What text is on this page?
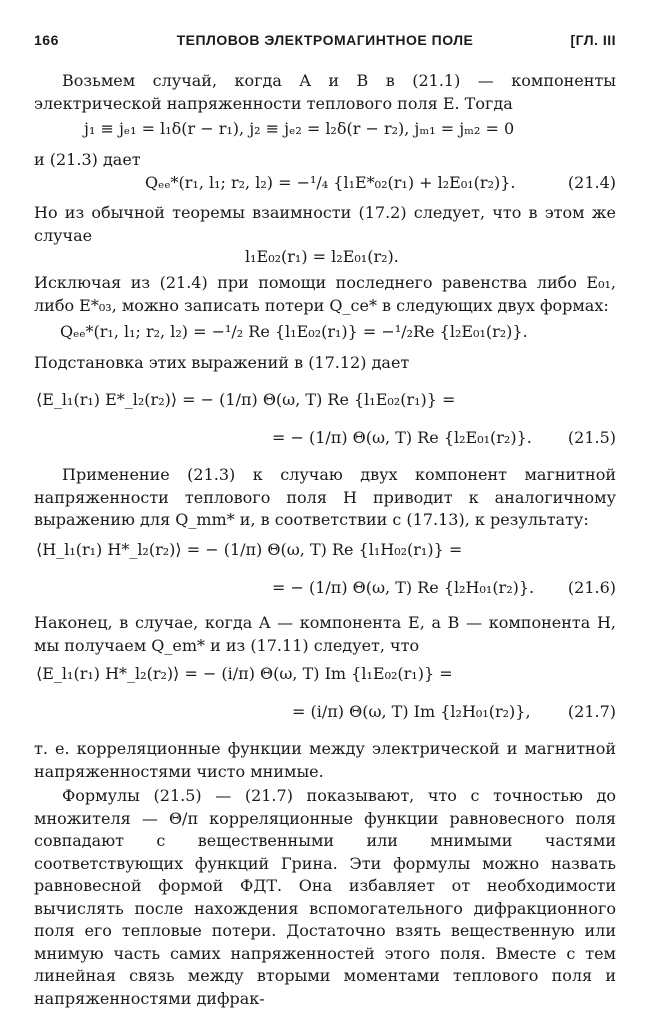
166	ТЕПЛОВОВ ЭЛЕКТРОМАГИНТНОЕ ПОЛЕ	[ГЛ. III

Возьмем случай, когда A и B в (21.1) — компоненты электрической напряженности теплового поля E. Тогда

j₁ ≡ jₑ₁ = l₁δ(r − r₁), j₂ ≡ jₑ₂ = l₂δ(r − r₂), jₘ₁ = jₘ₂ = 0

и (21.3) дает

Qₑₑ*(r₁, l₁; r₂, l₂) = −¹/₄ {l₁E*₀₂(r₁) + l₂E₀₁(r₂)}.	(21.4)

Но из обычной теоремы взаимности (17.2) следует, что в этом же случае

l₁E₀₂(r₁) = l₂E₀₁(r₂).

Исключая из (21.4) при помощи последнего равенства либо E₀₁, либо E*₀₃, можно записать потери Q_ce* в следующих двух формах:

Qₑₑ*(r₁, l₁; r₂, l₂) = −¹/₂ Re {l₁E₀₂(r₁)} = −¹/₂Re {l₂E₀₁(r₂)}.

Подстановка этих выражений в (17.12) дает

⟨E_l₁(r₁) E*_l₂(r₂)⟩ = − (1/π) Θ(ω, T) Re {l₁E₀₂(r₁)} =
= − (1/π) Θ(ω, T) Re {l₂E₀₁(r₂)}. (21.5)

Применение (21.3) к случаю двух компонент магнитной напряженности теплового поля H приводит к аналогичному выражению для Q_mm* и, в соответствии с (17.13), к результату:

⟨H_l₁(r₁) H*_l₂(r₂)⟩ = − (1/π) Θ(ω, T) Re {l₁H₀₂(r₁)} =
= − (1/π) Θ(ω, T) Re {l₂H₀₁(r₂)}. (21.6)

Наконец, в случае, когда A — компонента E, а B — компонента H, мы получаем Q_em* и из (17.11) следует, что

⟨E_l₁(r₁) H*_l₂(r₂)⟩ = − (i/π) Θ(ω, T) Im {l₁E₀₂(r₁)} =
= (i/π) Θ(ω, T) Im {l₂H₀₁(r₂)}, (21.7)

т. е. корреляционные функции между электрической и магнитной напряженностями чисто мнимые.

Формулы (21.5) — (21.7) показывают, что с точностью до множителя — Θ/π корреляционные функции равновесного поля совпадают с вещественными или мнимыми частями соответствующих функций Грина. Эти формулы можно назвать равновесной формой ФДТ. Она избавляет от необходимости вычислять после нахождения вспомогательного дифракционного поля его тепловые потери. Достаточно взять вещественную или мнимую часть самих напряженностей этого поля. Вместе с тем линейная связь между вторыми моментами теплового поля и напряженностями дифрак-
